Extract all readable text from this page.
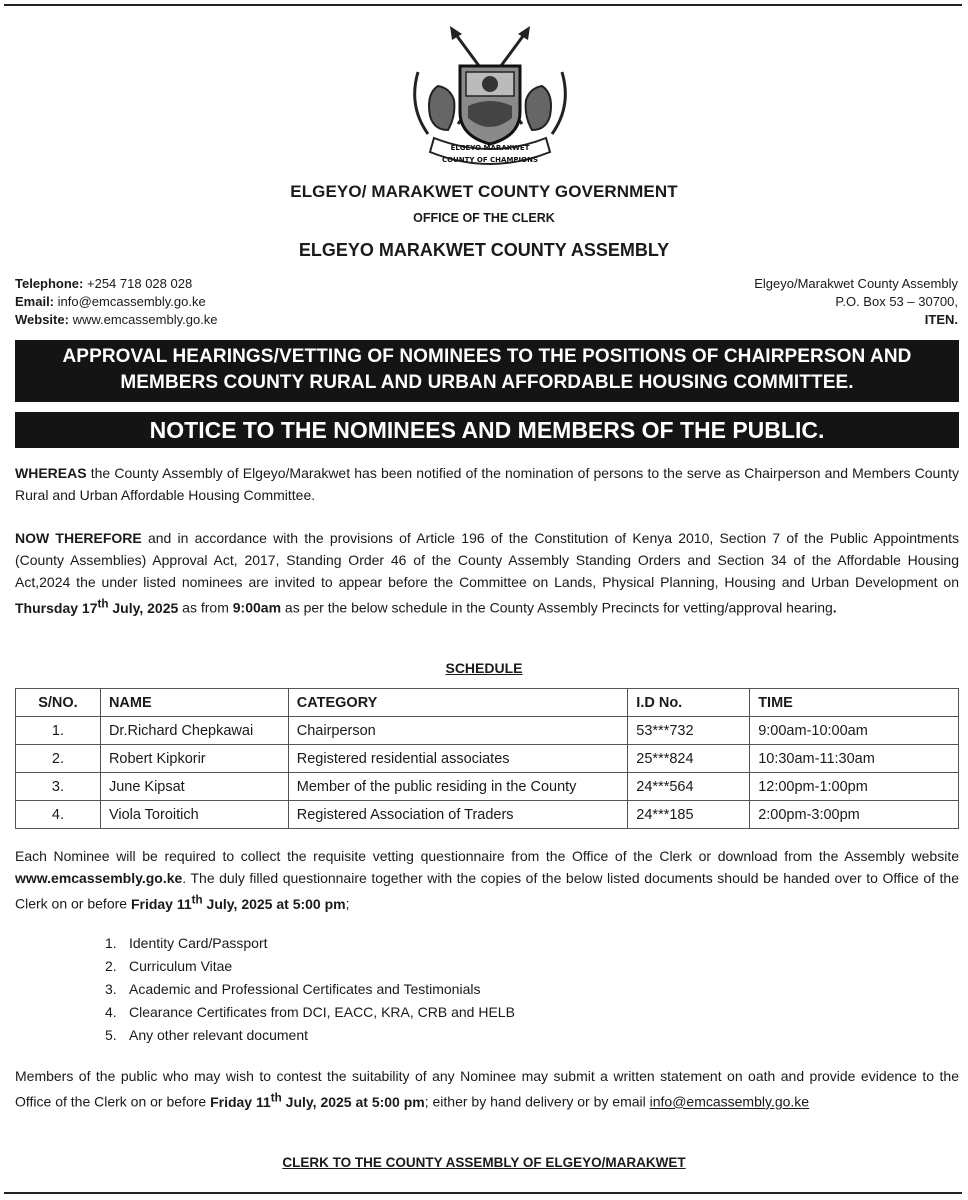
ELGEYO MARAKWET
COUNTY OF CHAMPIONS
ELGEYO/ MARAKWET COUNTY GOVERNMENT
OFFICE OF THE CLERK
ELGEYO MARAKWET COUNTY ASSEMBLY
Telephone: +254 718 028 028
Email: info@emcassembly.go.ke
Website: www.emcassembly.go.ke
Elgeyo/Marakwet County Assembly
P.O. Box 53 – 30700,
ITEN.
APPROVAL HEARINGS/VETTING OF NOMINEES TO THE POSITIONS OF CHAIRPERSON AND
MEMBERS COUNTY RURAL AND URBAN AFFORDABLE HOUSING COMMITTEE.
NOTICE TO THE NOMINEES AND MEMBERS OF THE PUBLIC.
WHEREAS the County Assembly of Elgeyo/Marakwet has been notified of the nomination of persons to the serve as Chairperson and Members County Rural and Urban Affordable Housing Committee.
NOW THEREFORE and in accordance with the provisions of Article 196 of the Constitution of Kenya 2010, Section 7 of the Public Appointments (County Assemblies) Approval Act, 2017, Standing Order 46 of the County Assembly Standing Orders and Section 34 of the Affordable Housing Act,2024 the under listed nominees are invited to appear before the Committee on Lands, Physical Planning, Housing and Urban Development on Thursday 17th July, 2025 as from 9:00am as per the below schedule in the County Assembly Precincts for vetting/approval hearing.
SCHEDULE
S/NO.	NAME	CATEGORY	I.D No.	TIME
1.	Dr.Richard Chepkawai	Chairperson	53***732	9:00am-10:00am
2.	Robert Kipkorir	Registered residential associates	25***824	10:30am-11:30am
3.	June Kipsat	Member of the public residing in the County	24***564	12:00pm-1:00pm
4.	Viola Toroitich	Registered Association of Traders	24***185	2:00pm-3:00pm
Each Nominee will be required to collect the requisite vetting questionnaire from the Office of the Clerk or download from the Assembly website www.emcassembly.go.ke. The duly filled questionnaire together with the copies of the below listed documents should be handed over to Office of the Clerk on or before Friday 11th July, 2025 at 5:00 pm;
1. Identity Card/Passport
2. Curriculum Vitae
3. Academic and Professional Certificates and Testimonials
4. Clearance Certificates from DCI, EACC, KRA, CRB and HELB
5. Any other relevant document
Members of the public who may wish to contest the suitability of any Nominee may submit a written statement on oath and provide evidence to the Office of the Clerk on or before Friday 11th July, 2025 at 5:00 pm; either by hand delivery or by email info@emcassembly.go.ke
CLERK TO THE COUNTY ASSEMBLY OF ELGEYO/MARAKWET
